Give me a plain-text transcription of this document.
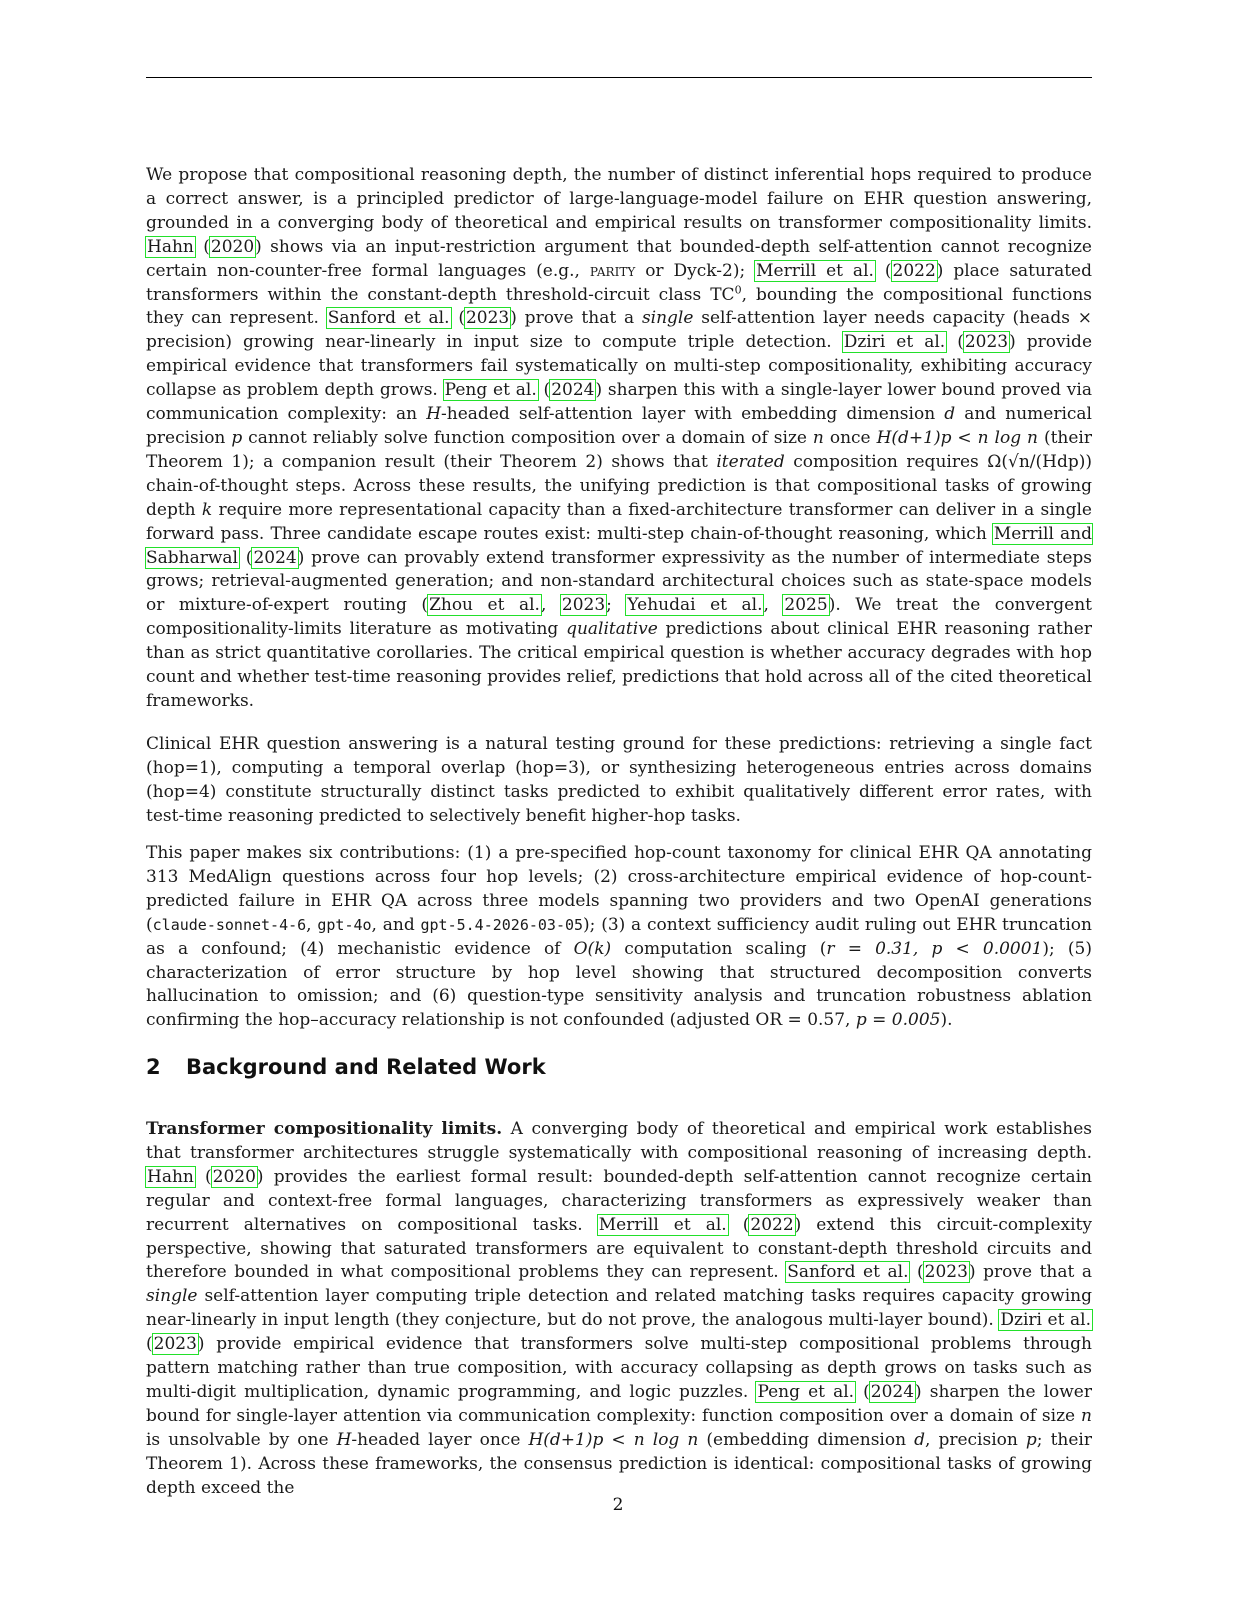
We propose that compositional reasoning depth, the number of distinct inferential hops required to produce a correct answer, is a principled predictor of large-language-model failure on EHR question answering, grounded in a converging body of theoretical and empirical results on transformer compositionality limits. Hahn (2020) shows via an input-restriction argument that bounded-depth self-attention cannot recognize certain non-counter-free formal languages (e.g., parity or Dyck-2); Merrill et al. (2022) place saturated transformers within the constant-depth threshold-circuit class $TC^0$, bounding the compositional functions they can represent. Sanford et al. (2023) prove that a single self-attention layer needs capacity (heads × precision) growing near-linearly in input size to compute triple detection. Dziri et al. (2023) provide empirical evidence that transformers fail systematically on multi-step compositionality, exhibiting accuracy collapse as problem depth grows. Peng et al. (2024) sharpen this with a single-layer lower bound proved via communication complexity: an H-headed self-attention layer with embedding dimension d and numerical precision p cannot reliably solve function composition over a domain of size n once H(d+1)p < n log n (their Theorem 1); a companion result (their Theorem 2) shows that iterated composition requires Ω(√n/(Hdp)) chain-of-thought steps. Across these results, the unifying prediction is that compositional tasks of growing depth k require more representational capacity than a fixed-architecture transformer can deliver in a single forward pass. Three candidate escape routes exist: multi-step chain-of-thought reasoning, which Merrill and Sabharwal (2024) prove can provably extend transformer expressivity as the number of intermediate steps grows; retrieval-augmented generation; and non-standard architectural choices such as state-space models or mixture-of-expert routing (Zhou et al., 2023; Yehudai et al., 2025). We treat the convergent compositionality-limits literature as motivating qualitative predictions about clinical EHR reasoning rather than as strict quantitative corollaries. The critical empirical question is whether accuracy degrades with hop count and whether test-time reasoning provides relief, predictions that hold across all of the cited theoretical frameworks.

Clinical EHR question answering is a natural testing ground for these predictions: retrieving a single fact (hop=1), computing a temporal overlap (hop=3), or synthesizing heterogeneous entries across domains (hop=4) constitute structurally distinct tasks predicted to exhibit qualitatively different error rates, with test-time reasoning predicted to selectively benefit higher-hop tasks.

This paper makes six contributions: (1) a pre-specified hop-count taxonomy for clinical EHR QA annotating 313 MedAlign questions across four hop levels; (2) cross-architecture empirical evidence of hop-count-predicted failure in EHR QA across three models spanning two providers and two OpenAI generations (claude-sonnet-4-6, gpt-4o, and gpt-5.4-2026-03-05); (3) a context sufficiency audit ruling out EHR truncation as a confound; (4) mechanistic evidence of O(k) computation scaling (r = 0.31, p < 0.0001); (5) characterization of error structure by hop level showing that structured decomposition converts hallucination to omission; and (6) question-type sensitivity analysis and truncation robustness ablation confirming the hop–accuracy relationship is not confounded (adjusted OR = 0.57, p = 0.005).

2 Background and Related Work

Transformer compositionality limits. A converging body of theoretical and empirical work establishes that transformer architectures struggle systematically with compositional reasoning of increasing depth. Hahn (2020) provides the earliest formal result: bounded-depth self-attention cannot recognize certain regular and context-free formal languages, characterizing transformers as expressively weaker than recurrent alternatives on compositional tasks. Merrill et al. (2022) extend this circuit-complexity perspective, showing that saturated transformers are equivalent to constant-depth threshold circuits and therefore bounded in what compositional problems they can represent. Sanford et al. (2023) prove that a single self-attention layer computing triple detection and related matching tasks requires capacity growing near-linearly in input length (they conjecture, but do not prove, the analogous multi-layer bound). Dziri et al. (2023) provide empirical evidence that transformers solve multi-step compositional problems through pattern matching rather than true composition, with accuracy collapsing as depth grows on tasks such as multi-digit multiplication, dynamic programming, and logic puzzles. Peng et al. (2024) sharpen the lower bound for single-layer attention via communication complexity: function composition over a domain of size n is unsolvable by one H-headed layer once H(d+1)p < n log n (embedding dimension d, precision p; their Theorem 1). Across these frameworks, the consensus prediction is identical: compositional tasks of growing depth exceed the

2
